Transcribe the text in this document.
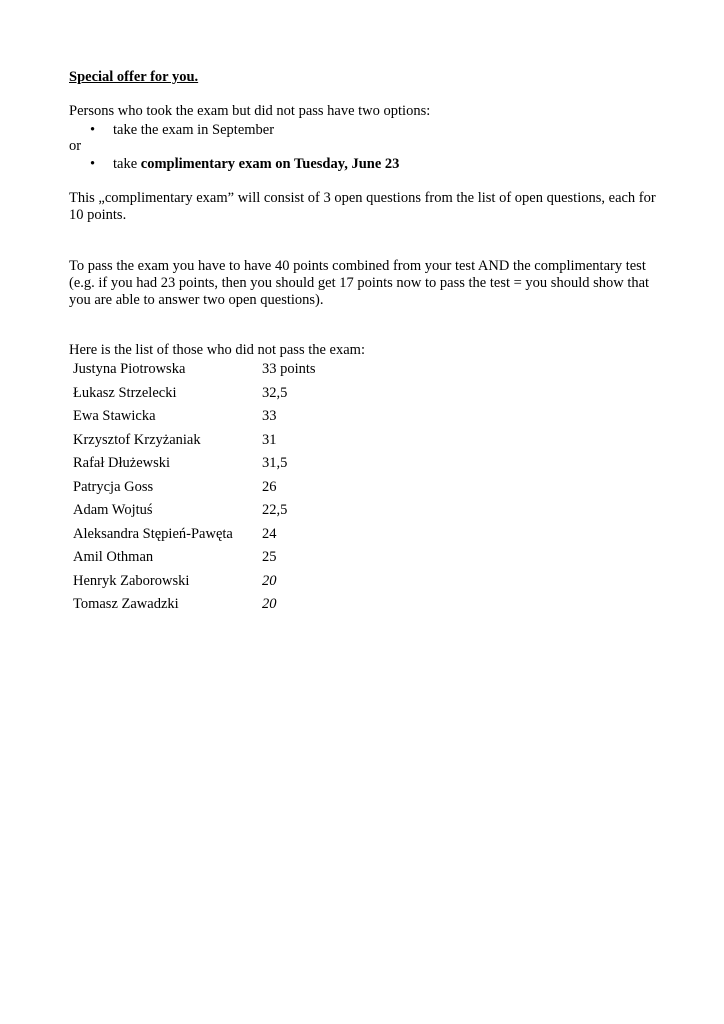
Special offer for you.

Persons who took the exam but did not pass have two options:

• take the exam in September

or

• take complimentary exam on Tuesday, June 23

This „complimentary exam” will consist of 3 open questions from the list of open questions, each for 10 points.

To pass the exam you have to have 40 points combined from your test AND the complimentary test (e.g. if you had 23 points, then you should get 17 points now to pass the test = you should show that you are able to answer two open questions).

Here is the list of those who did not pass the exam:

Justyna Piotrowska	33 points
Łukasz Strzelecki	32,5
Ewa Stawicka	33
Krzysztof Krzyżaniak	31
Rafał Dłużewski	31,5
Patrycja Goss	26
Adam Wojtuś	22,5
Aleksandra Stępień-Pawęta 24
Amil Othman	25
Henryk Zaborowski	20
Tomasz Zawadzki	20
